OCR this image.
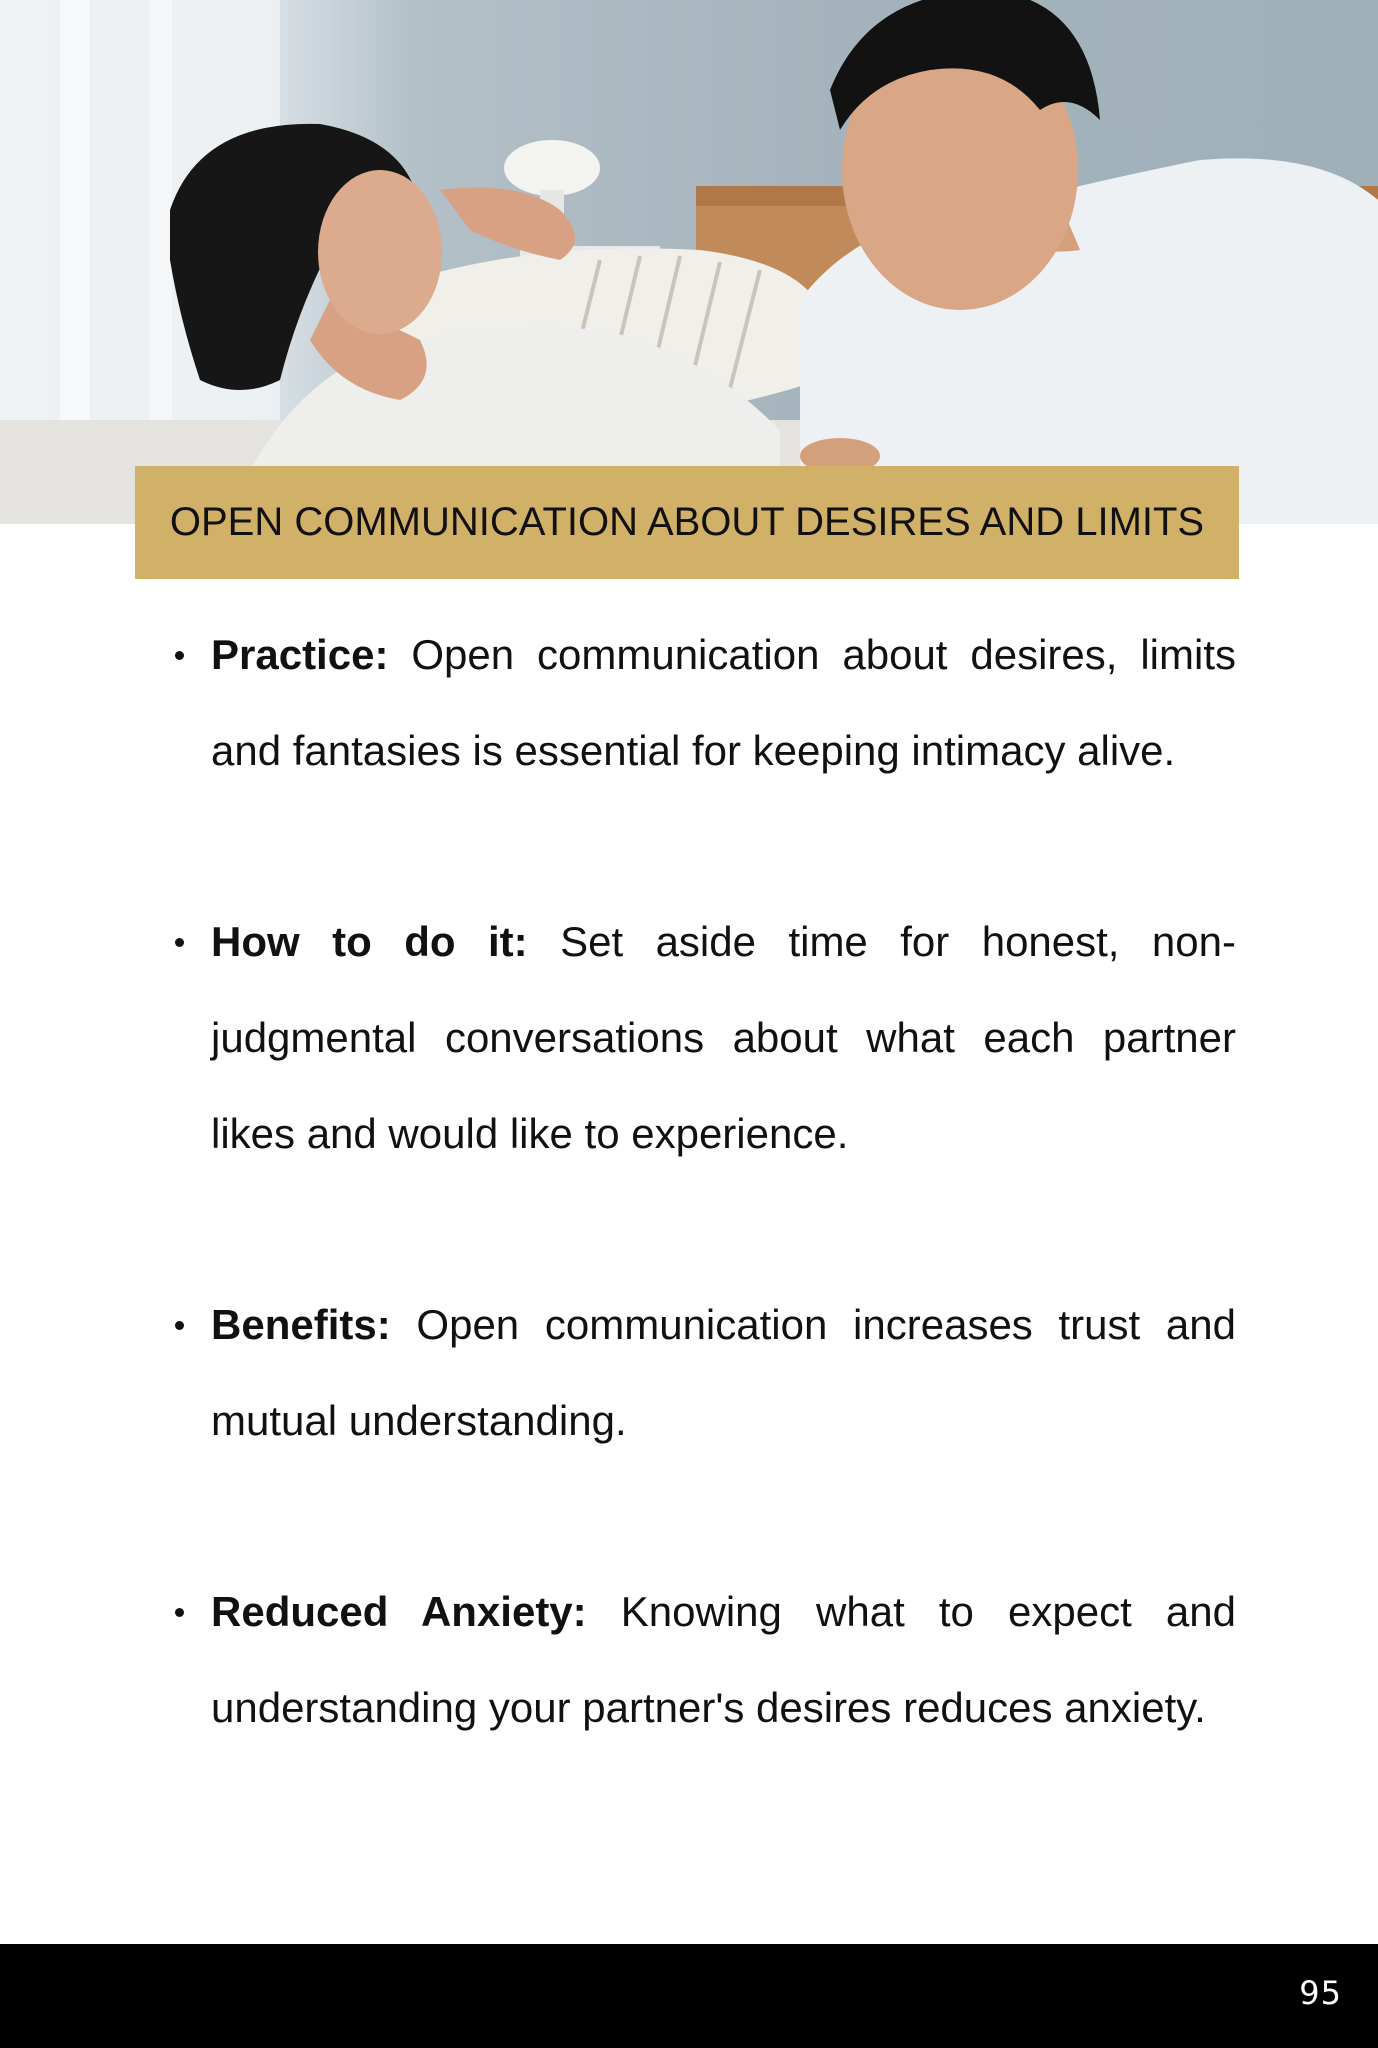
OPEN COMMUNICATION ABOUT DESIRES AND LIMITS

Practice: Open communication about desires, limits and fantasies is essential for keeping intimacy alive.

How to do it: Set aside time for honest, non-judgmental conversations about what each partner likes and would like to experience.

Benefits: Open communication increases trust and mutual understanding.

Reduced Anxiety: Knowing what to expect and understanding your partner's desires reduces anxiety.

95
